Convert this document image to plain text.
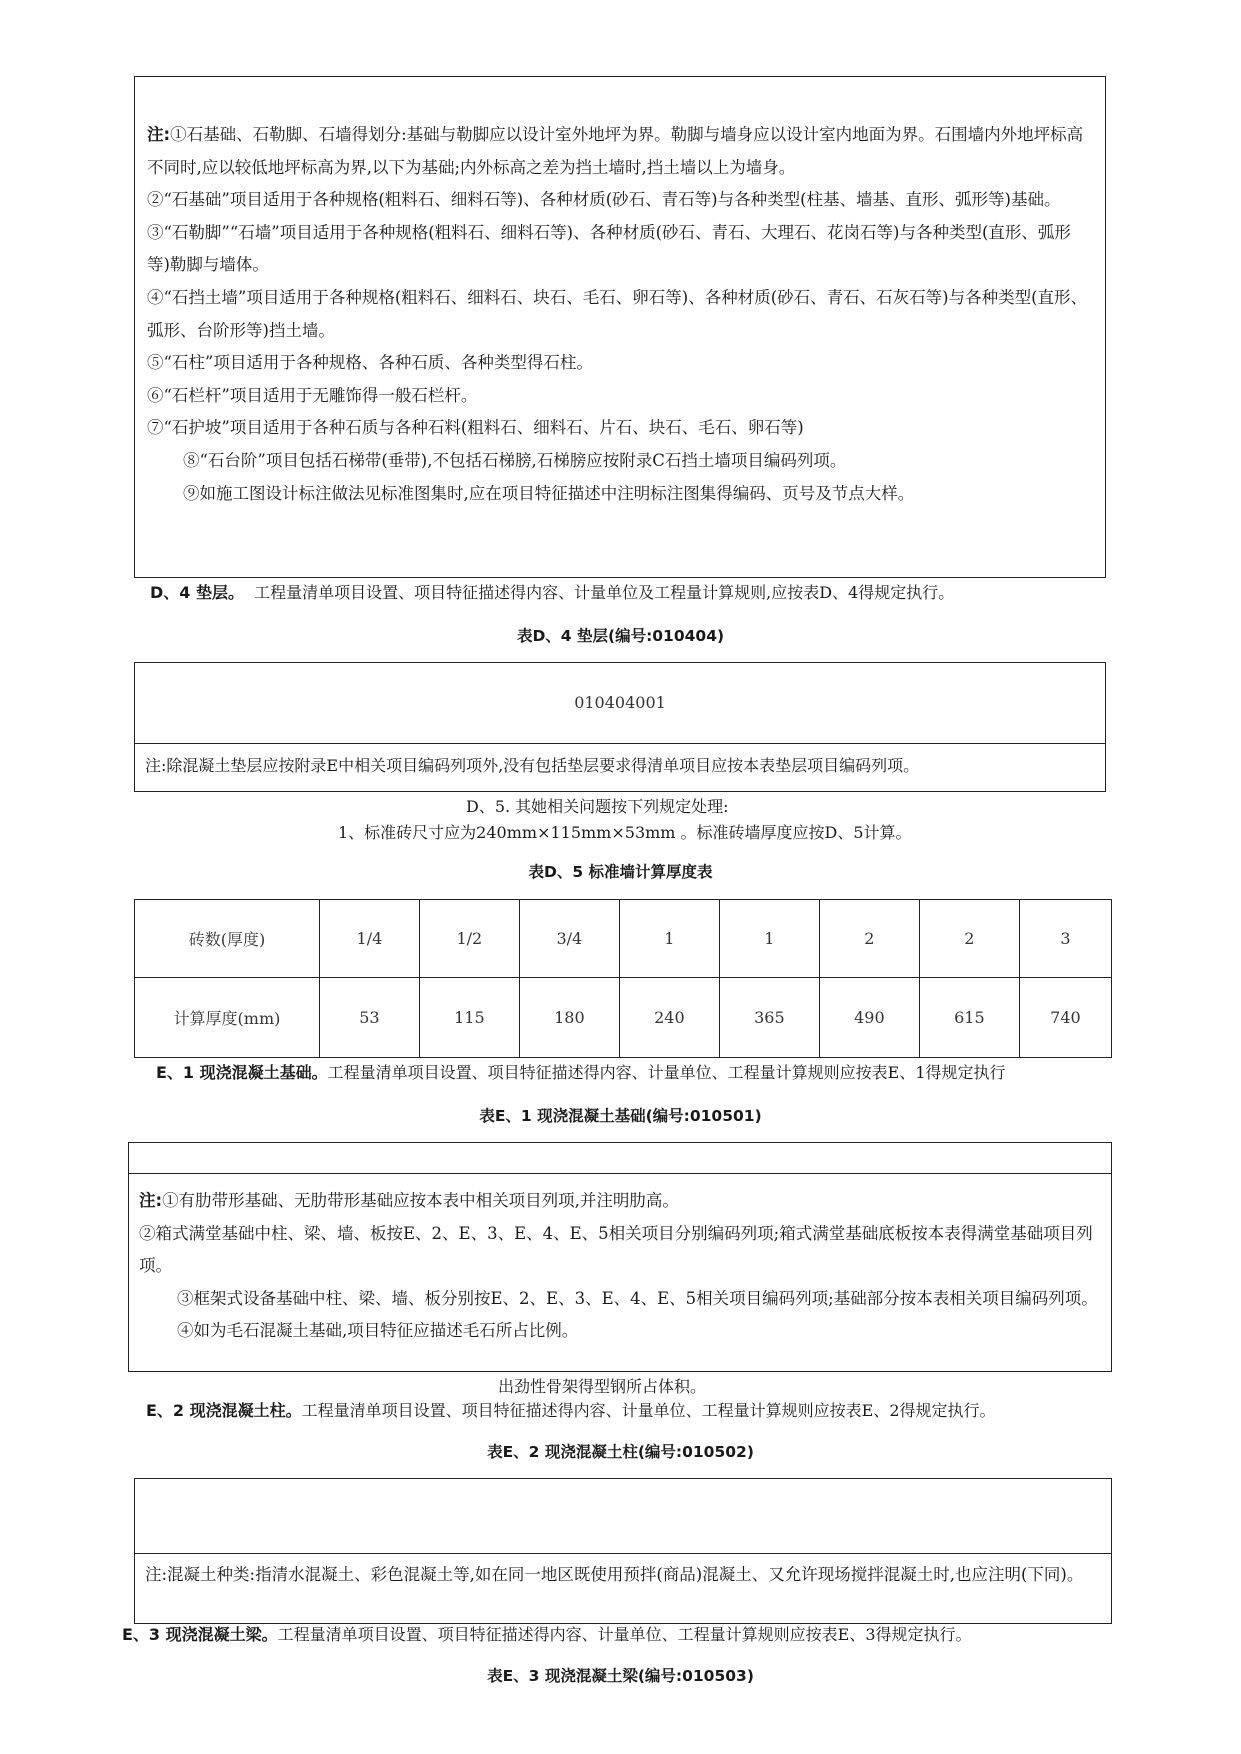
注:①石基础、石勒脚、石墙得划分:基础与勒脚应以设计室外地坪为界。勒脚与墙身应以设计室内地面为界。石围墙内外地坪标高不同时,应以较低地坪标高为界,以下为基础;内外标高之差为挡土墙时,挡土墙以上为墙身。

②“石基础”项目适用于各种规格(粗料石、细料石等)、各种材质(砂石、青石等)与各种类型(柱基、墙基、直形、弧形等)基础。

③“石勒脚”“石墙”项目适用于各种规格(粗料石、细料石等)、各种材质(砂石、青石、大理石、花岗石等)与各种类型(直形、弧形等)勒脚与墙体。

④“石挡土墙”项目适用于各种规格(粗料石、细料石、块石、毛石、卵石等)、各种材质(砂石、青石、石灰石等)与各种类型(直形、弧形、台阶形等)挡土墙。

⑤“石柱”项目适用于各种规格、各种石质、各种类型得石柱。

⑥“石栏杆”项目适用于无雕饰得一般石栏杆。

⑦“石护坡”项目适用于各种石质与各种石料(粗料石、细料石、片石、块石、毛石、卵石等)

⑧“石台阶”项目包括石梯带(垂带),不包括石梯膀,石梯膀应按附录C石挡土墙项目编码列项。

⑨如施工图设计标注做法见标准图集时,应在项目特征描述中注明标注图集得编码、页号及节点大样。

D、4 垫层。 工程量清单项目设置、项目特征描述得内容、计量单位及工程量计算规则,应按表D、4得规定执行。
表D、4 垫层(编号:010404)
010404001
注:除混凝土垫层应按附录E中相关项目编码列项外,没有包括垫层要求得清单项目应按本表垫层项目编码列项。
D、5. 其她相关问题按下列规定处理:
1、标准砖尺寸应为240mm×115mm×53mm 。标准砖墙厚度应按D、5计算。
表D、5 标准墙计算厚度表
砖数(厚度)	1/4	1/2	3/4	1	1	2	2	3
计算厚度(mm)	53	115	180	240	365	490	615	740
E、1 现浇混凝土基础。工程量清单项目设置、项目特征描述得内容、计量单位、工程量计算规则应按表E、1得规定执行
表E、1 现浇混凝土基础(编号:010501)

注:①有肋带形基础、无肋带形基础应按本表中相关项目列项,并注明肋高。

②箱式满堂基础中柱、梁、墙、板按E、2、E、3、E、4、E、5相关项目分别编码列项;箱式满堂基础底板按本表得满堂基础项目列项。

③框架式设备基础中柱、梁、墙、板分别按E、2、E、3、E、4、E、5相关项目编码列项;基础部分按本表相关项目编码列项。

④如为毛石混凝土基础,项目特征应描述毛石所占比例。

出劲性骨架得型钢所占体积。
E、2 现浇混凝土柱。工程量清单项目设置、项目特征描述得内容、计量单位、工程量计算规则应按表E、2得规定执行。
表E、2 现浇混凝土柱(编号:010502)

注:混凝土种类:指清水混凝土、彩色混凝土等,如在同一地区既使用预拌(商品)混凝土、又允许现场搅拌混凝土时,也应注明(下同)。

E、3 现浇混凝土梁。工程量清单项目设置、项目特征描述得内容、计量单位、工程量计算规则应按表E、3得规定执行。
表E、3 现浇混凝土梁(编号:010503)
